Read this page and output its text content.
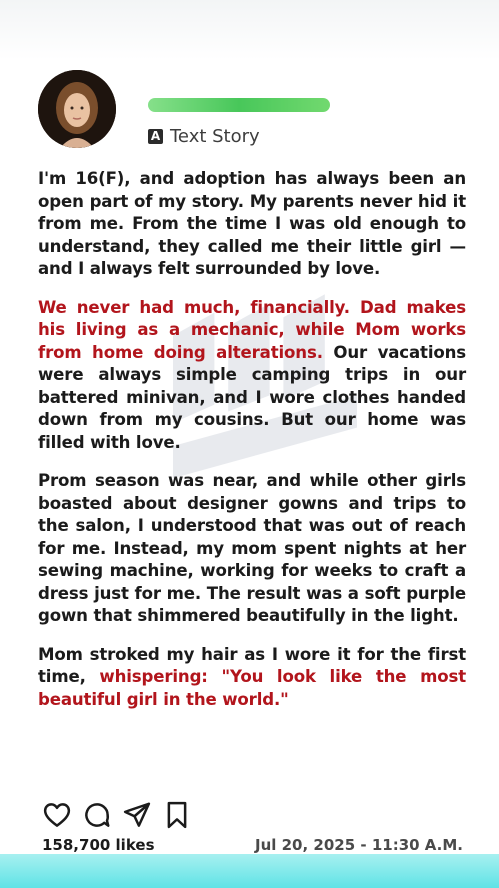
A Text Story

I'm 16(F), and adoption has always been an open part of my story. My parents never hid it from me. From the time I was old enough to understand, they called me their little girl — and I always felt surrounded by love.

We never had much, financially. Dad makes his living as a mechanic, while Mom works from home doing alterations. Our vacations were always simple camping trips in our battered minivan, and I wore clothes handed down from my cousins. But our home was filled with love.

Prom season was near, and while other girls boasted about designer gowns and trips to the salon, I understood that was out of reach for me. Instead, my mom spent nights at her sewing machine, working for weeks to craft a dress just for me. The result was a soft purple gown that shimmered beautifully in the light.

Mom stroked my hair as I wore it for the first time, whispering: "You look like the most beautiful girl in the world."

158,700 likes	Jul 20, 2025 - 11:30 A.M.
